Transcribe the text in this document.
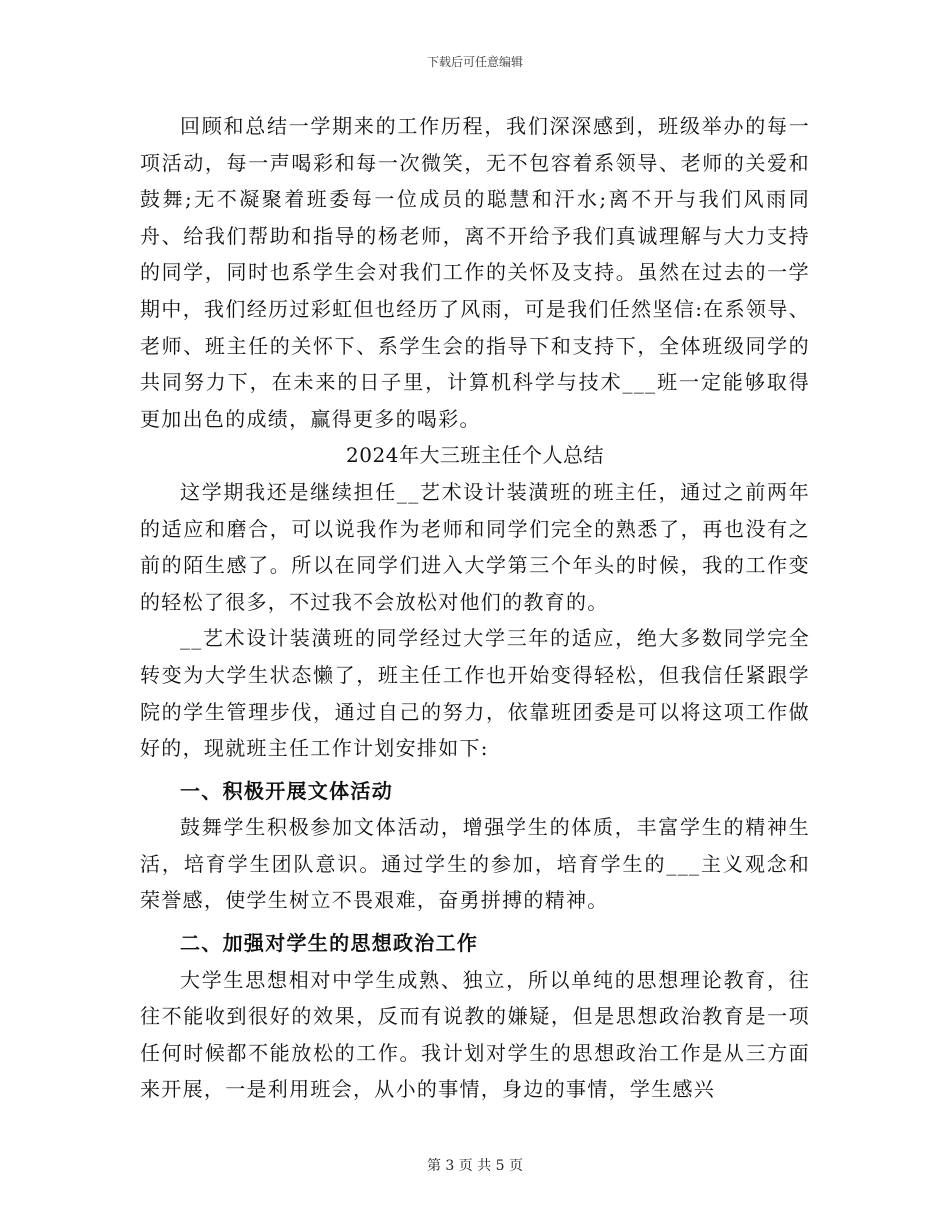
下载后可任意编辑

回顾和总结一学期来的工作历程，我们深深感到，班级举办的每一项活动，每一声喝彩和每一次微笑，无不包容着系领导、老师的关爱和鼓舞;无不凝聚着班委每一位成员的聪慧和汗水;离不开与我们风雨同舟、给我们帮助和指导的杨老师，离不开给予我们真诚理解与大力支持的同学，同时也系学生会对我们工作的关怀及支持。虽然在过去的一学期中，我们经历过彩虹但也经历了风雨，可是我们任然坚信:在系领导、老师、班主任的关怀下、系学生会的指导下和支持下，全体班级同学的共同努力下，在未来的日子里，计算机科学与技术___班一定能够取得更加出色的成绩，赢得更多的喝彩。

2024年大三班主任个人总结

这学期我还是继续担任__艺术设计装潢班的班主任，通过之前两年的适应和磨合，可以说我作为老师和同学们完全的熟悉了，再也没有之前的陌生感了。所以在同学们进入大学第三个年头的时候，我的工作变的轻松了很多，不过我不会放松对他们的教育的。

__艺术设计装潢班的同学经过大学三年的适应，绝大多数同学完全转变为大学生状态懒了，班主任工作也开始变得轻松，但我信任紧跟学院的学生管理步伐，通过自己的努力，依靠班团委是可以将这项工作做好的，现就班主任工作计划安排如下:

一、积极开展文体活动

鼓舞学生积极参加文体活动，增强学生的体质，丰富学生的精神生活，培育学生团队意识。通过学生的参加，培育学生的___主义观念和荣誉感，使学生树立不畏艰难，奋勇拼搏的精神。

二、加强对学生的思想政治工作

大学生思想相对中学生成熟、独立，所以单纯的思想理论教育，往往不能收到很好的效果，反而有说教的嫌疑，但是思想政治教育是一项任何时候都不能放松的工作。我计划对学生的思想政治工作是从三方面来开展，一是利用班会，从小的事情，身边的事情，学生感兴

第 3 页 共 5 页
